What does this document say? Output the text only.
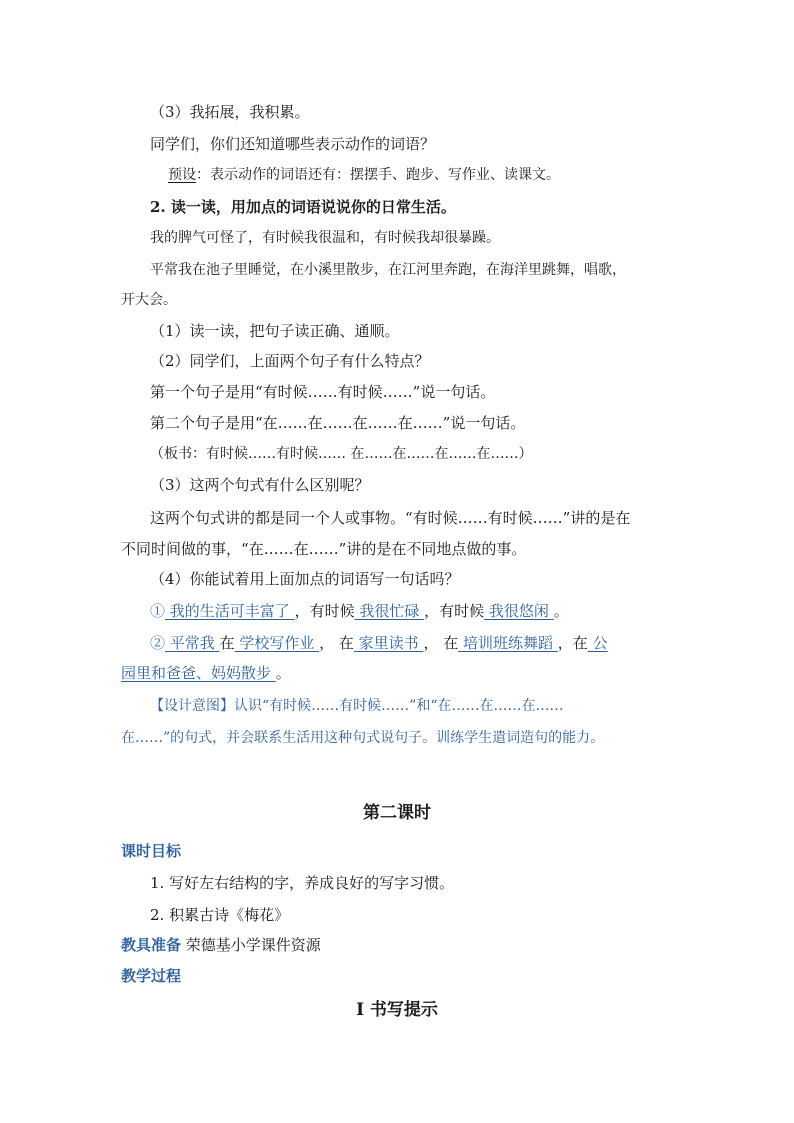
（3）我拓展，我积累。
同学们，你们还知道哪些表示动作的词语？
预设：表示动作的词语还有：摆摆手、跑步、写作业、读课文。
2. 读一读，用加点的词语说说你的日常生活。
我的脾气可怪了，有时候我很温和，有时候我却很暴躁。
平常我在池子里睡觉，在小溪里散步，在江河里奔跑，在海洋里跳舞，唱歌，
开大会。
（1）读一读，把句子读正确、通顺。
（2）同学们，上面两个句子有什么特点？
第一个句子是用“有时候……有时候……”说一句话。
第二个句子是用“在……在……在……在……”说一句话。
（板书：有时候……有时候…… 在……在……在……在……）
（3）这两个句式有什么区别呢？
这两个句式讲的都是同一个人或事物。“有时候……有时候……”讲的是在
不同时间做的事，“在……在……”讲的是在不同地点做的事。
（4）你能试着用上面加点的词语写一句话吗？
① 我的生活可丰富了 ，有时候 我很忙碌 ，有时候 我很悠闲 。
② 平常我 在 学校写作业 ， 在 家里读书 ， 在 培训班练舞蹈 ，在 公
园里和爸爸、妈妈散步 。
【设计意图】认识“有时候……有时候……”和“在……在……在……
在……”的句式，并会联系生活用这种句式说句子。训练学生遣词造句的能力。
第二课时
课时目标
1. 写好左右结构的字，养成良好的写字习惯。
2. 积累古诗《梅花》
教具准备 荣德基小学课件资源
教学过程
Ⅰ 书写提示
